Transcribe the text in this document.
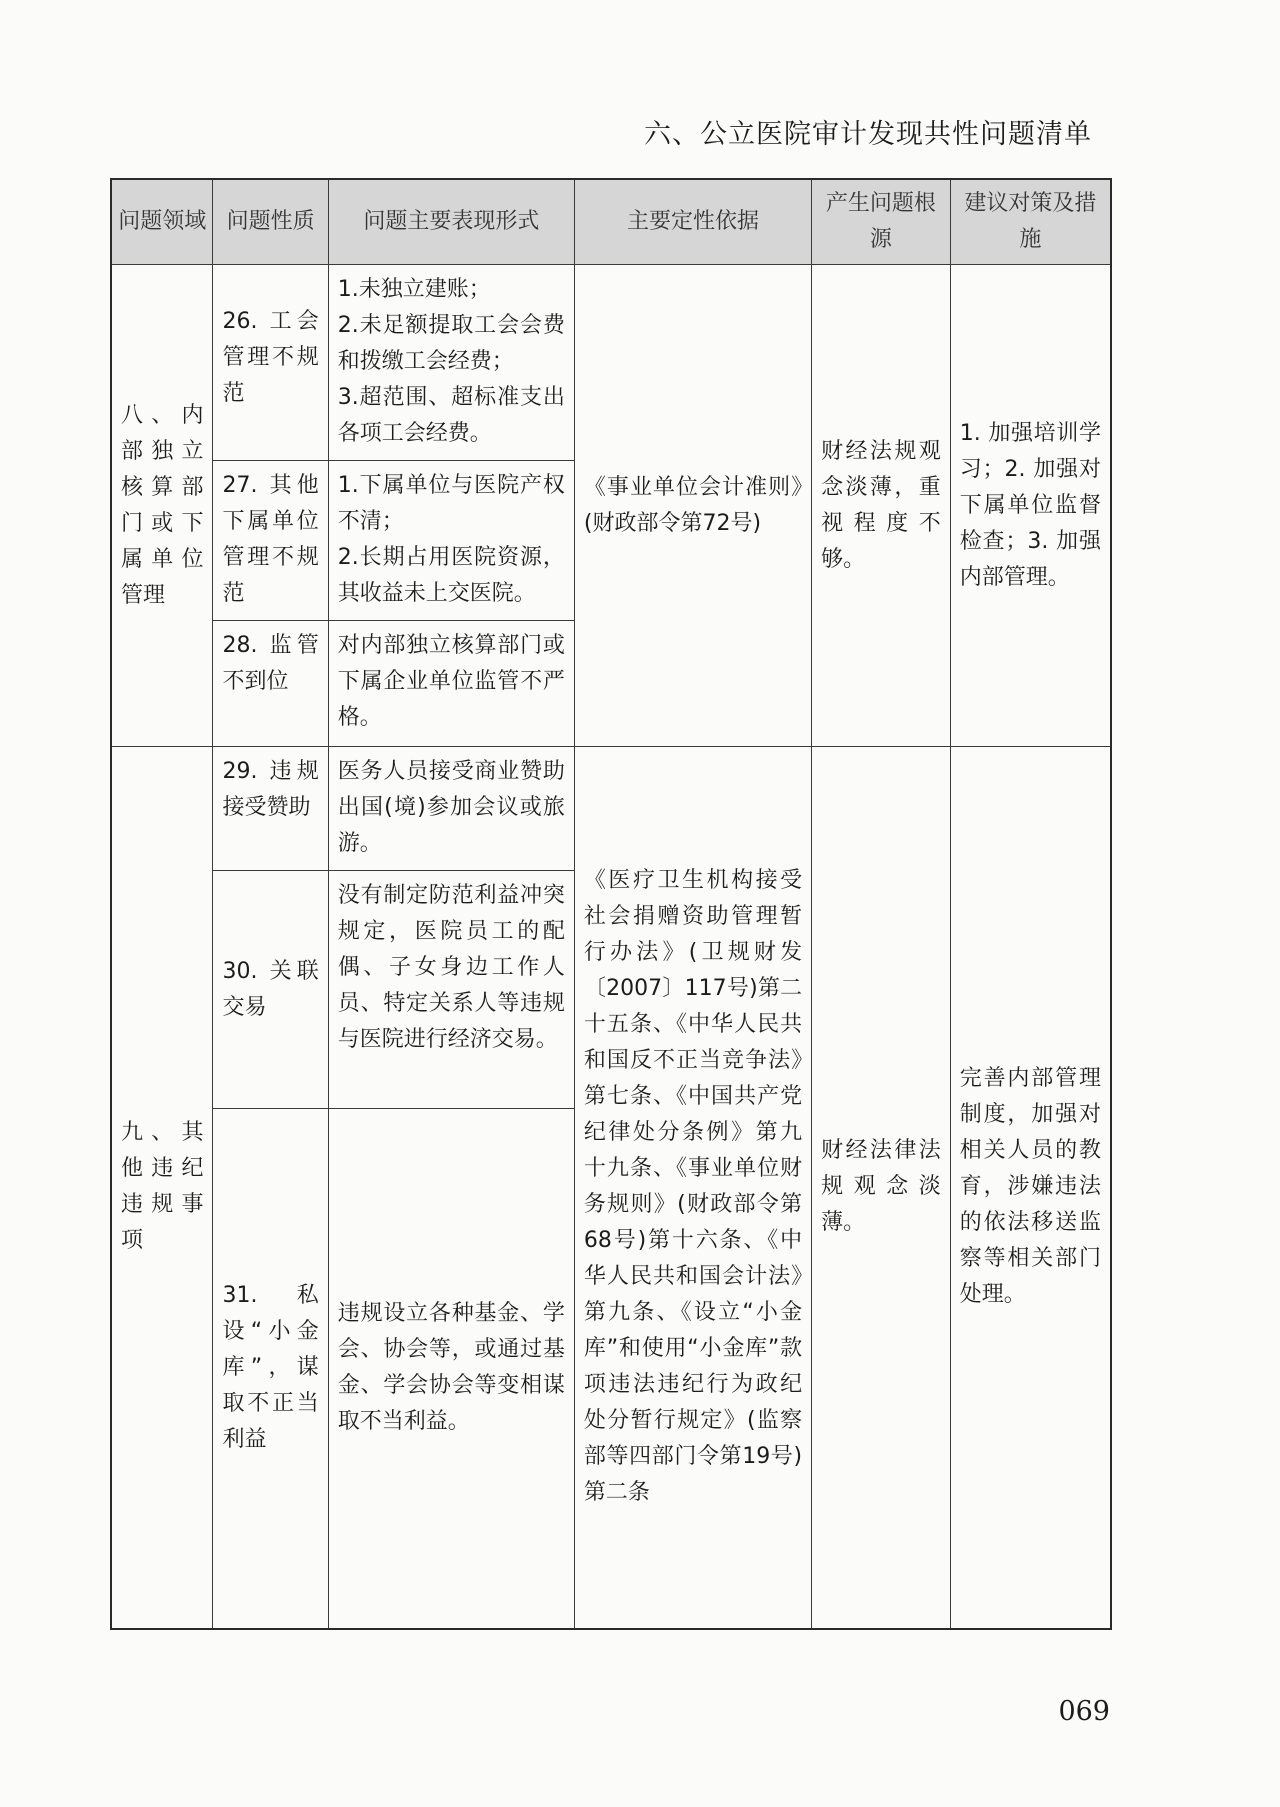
六、公立医院审计发现共性问题清单
问题领域	问题性质	问题主要表现形式	主要定性依据	产生问题根源	建议对策及措施
八、内部独立核算部门或下属单位管理	26. 工会管理不规范	1.未独立建账；
2.未足额提取工会会费和拨缴工会经费；
3.超范围、超标准支出各项工会经费。	《事业单位会计准则》(财政部令第72号)	财经法规观念淡薄，重视程度不够。	1. 加强培训学习；2. 加强对下属单位监督检查；3. 加强内部管理。
	27. 其他下属单位管理不规范	1.下属单位与医院产权不清；
2.长期占用医院资源，其收益未上交医院。			

	28. 监管不到位	对内部独立核算部门或下属企业单位监管不严格。			
九、其他违纪违规事项	29. 违规接受赞助	医务人员接受商业赞助出国(境)参加会议或旅游。	《医疗卫生机构接受社会捐赠资助管理暂行办法》(卫规财发〔2007〕117号)第二十五条、《中华人民共和国反不正当竞争法》第七条、《中国共产党纪律处分条例》第九十九条、《事业单位财务规则》(财政部令第68号)第十六条、《中华人民共和国会计法》第九条、《设立“小金库”和使用“小金库”款项违法违纪行为政纪处分暂行规定》(监察部等四部门令第19号)第二条	财经法律法规观念淡薄。	完善内部管理制度，加强对相关人员的教育，涉嫌违法的依法移送监察等相关部门处理。
	30. 关联交易	没有制定防范利益冲突规定，医院员工的配偶、子女身边工作人员、特定关系人等违规与医院进行经济交易。			
	31. 私设“小金库”，谋取不正当利益	违规设立各种基金、学会、协会等，或通过基金、学会协会等变相谋取不当利益。			
069
